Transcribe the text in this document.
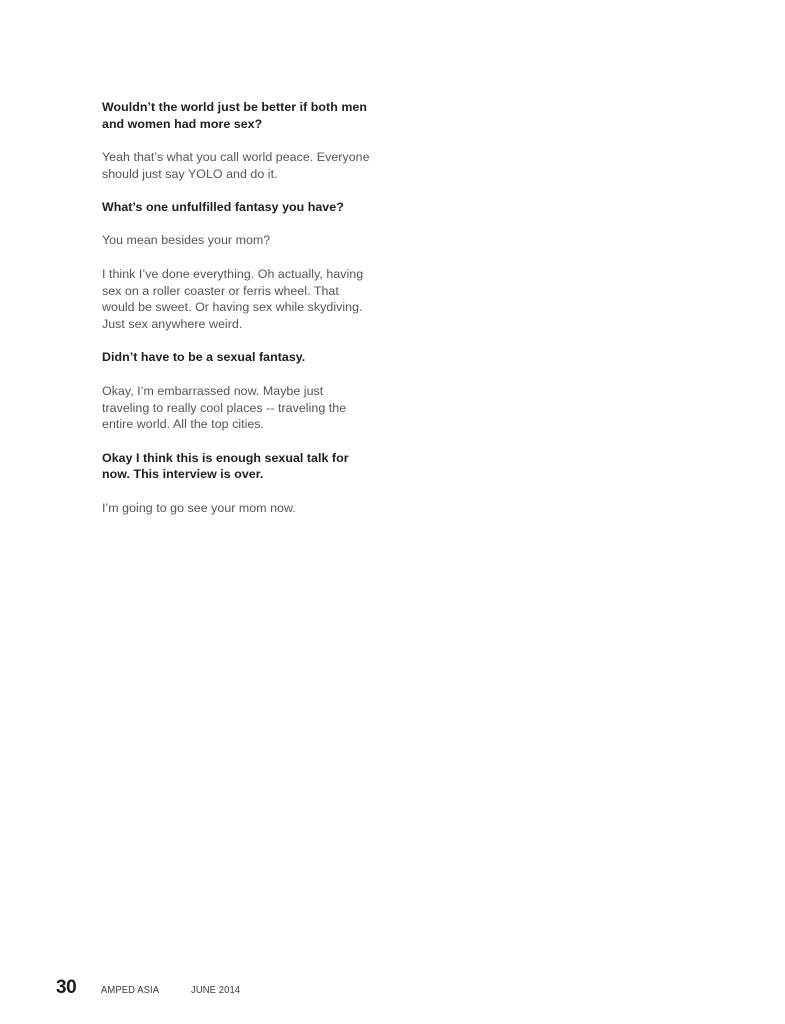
Wouldn’t the world just be better if both men
and women had more sex?

Yeah that’s what you call world peace. Everyone
should just say YOLO and do it.

What’s one unfulfilled fantasy you have?

You mean besides your mom?

I think I’ve done everything. Oh actually, having
sex on a roller coaster or ferris wheel. That
would be sweet. Or having sex while skydiving.
Just sex anywhere weird.

Didn’t have to be a sexual fantasy.

Okay, I’m embarrassed now. Maybe just
traveling to really cool places -- traveling the
entire world. All the top cities.

Okay I think this is enough sexual talk for
now. This interview is over.

I’m going to go see your mom now.

30 AMPED ASIA	JUNE 2014
